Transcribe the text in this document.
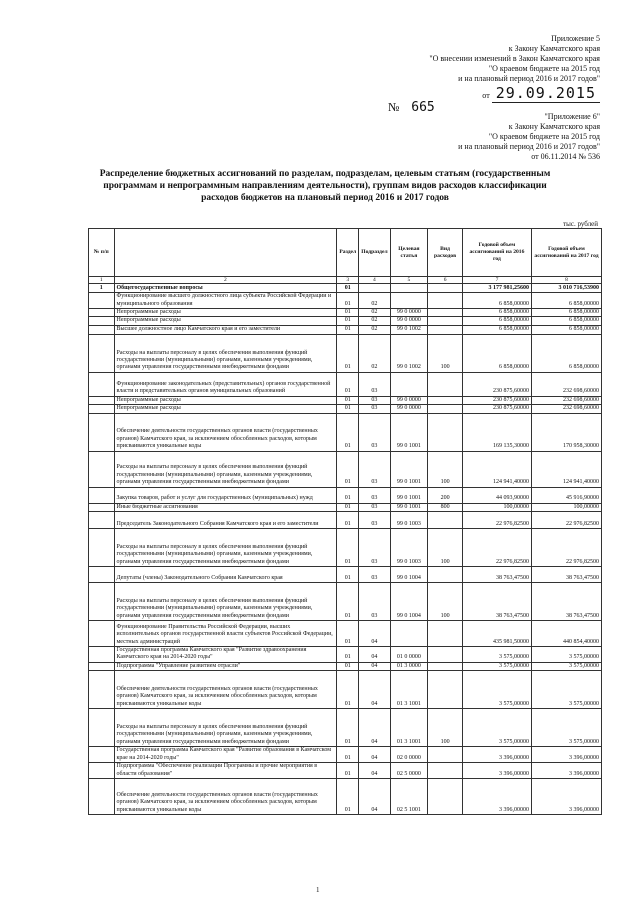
Приложение 5
к Закону Камчатского края
"О внесении изменений в Закон Камчатского края
"О краевом бюджете на 2015 год
и на плановый период 2016 и 2017 годов"
от 29.09.2015
№ 665
"Приложение 6"
к Закону Камчатского края
"О краевом бюджете на 2015 год
и на плановый период 2016 и 2017 годов"
от 06.11.2014 № 536
Распределение бюджетных ассигнований по разделам, подразделам, целевым статьям (государственным программам и непрограммным направлениям деятельности), группам видов расходов классификации расходов бюджетов на плановый период 2016 и 2017 годов
тыс. рублей
№ п/п		Раздел	Подраздел	Целевая статья	Вид расходов	Годовой объем ассигнований на 2016 год	Годовой объем ассигнований на 2017 год
1	2	3	4	5	6	7	8
1	Общегосударственные вопросы	01				3 177 981,25600	3 010 716,53900
	Функционирование высшего должностного лица субъекта Российской Федерации и муниципального образования	01	02			6 858,00000	6 858,00000
	Непрограммные расходы	01	02	99 0 0000		6 858,00000	6 858,00000
	Непрограммные расходы	01	02	99 0 0000		6 858,00000	6 858,00000
	Высшее должностное лицо Камчатского края и его заместители	01	02	99 0 1002		6 858,00000	6 858,00000
	Расходы на выплаты персоналу в целях обеспечения выполнения функций государственными (муниципальными) органами, казенными учреждениями, органами управления государственными внебюджетными фондами	01	02	99 0 1002	100	6 858,00000	6 858,00000
	Функционирование законодательных (представительных) органов государственной власти и представительных органов муниципальных образований	01	03			230 875,60000	232 698,60000
	Непрограммные расходы	01	03	99 0 0000		230 875,60000	232 698,60000
	Непрограммные расходы	01	03	99 0 0000		230 875,60000	232 698,60000
	Обеспечение деятельности государственных органов власти (государственных органов) Камчатского края, за исключением обособленных расходов, которым присваиваются уникальные коды	01	03	99 0 1001		169 135,30000	170 958,30000
	Расходы на выплаты персоналу в целях обеспечения выполнения функций государственными (муниципальными) органами, казенными учреждениями, органами управления государственными внебюджетными фондами	01	03	99 0 1001	100	124 941,40000	124 941,40000
	Закупка товаров, работ и услуг для государственных (муниципальных) нужд	01	03	99 0 1001	200	44 093,90000	45 916,90000
	Иные бюджетные ассигнования	01	03	99 0 1001	800	100,00000	100,00000
	Председатель Законодательного Собрания Камчатского края и его заместители	01	03	99 0 1003		22 976,82500	22 976,82500
	Расходы на выплаты персоналу в целях обеспечения выполнения функций государственными (муниципальными) органами, казенными учреждениями, органами управления государственными внебюджетными фондами	01	03	99 0 1003	100	22 976,82500	22 976,82500
	Депутаты (члены) Законодательного Собрания Камчатского края	01	03	99 0 1004		38 763,47500	38 763,47500
	Расходы на выплаты персоналу в целях обеспечения выполнения функций государственными (муниципальными) органами, казенными учреждениями, органами управления государственными внебюджетными фондами	01	03	99 0 1004	100	38 763,47500	38 763,47500
	Функционирование Правительства Российской Федерации, высших исполнительных органов государственной власти субъектов Российской Федерации, местных администраций	01	04			435 981,50000	440 854,40000
	Государственная программа Камчатского края "Развитие здравоохранения Камчатского края на 2014-2020 годы"	01	04	01 0 0000		3 575,00000	3 575,00000
	Подпрограмма "Управление развитием отрасли"	01	04	01 3 0000		3 575,00000	3 575,00000
	Обеспечение деятельности государственных органов власти (государственных органов) Камчатского края, за исключением обособленных расходов, которым присваиваются уникальные коды	01	04	01 3 1001		3 575,00000	3 575,00000
	Расходы на выплаты персоналу в целях обеспечения выполнения функций государственными (муниципальными) органами, казенными учреждениями, органами управления государственными внебюджетными фондами	01	04	01 3 1001	100	3 575,00000	3 575,00000
	Государственная программа Камчатского края "Развитие образования в Камчатском крае на 2014-2020 годы"	01	04	02 0 0000		3 396,00000	3 396,00000
	Подпрограмма "Обеспечение реализации Программы и прочие мероприятия в области образования"	01	04	02 5 0000		3 396,00000	3 396,00000
	Обеспечение деятельности государственных органов власти (государственных органов) Камчатского края, за исключением обособленных расходов, которым присваиваются уникальные коды	01	04	02 5 1001		3 396,00000	3 396,00000
1
